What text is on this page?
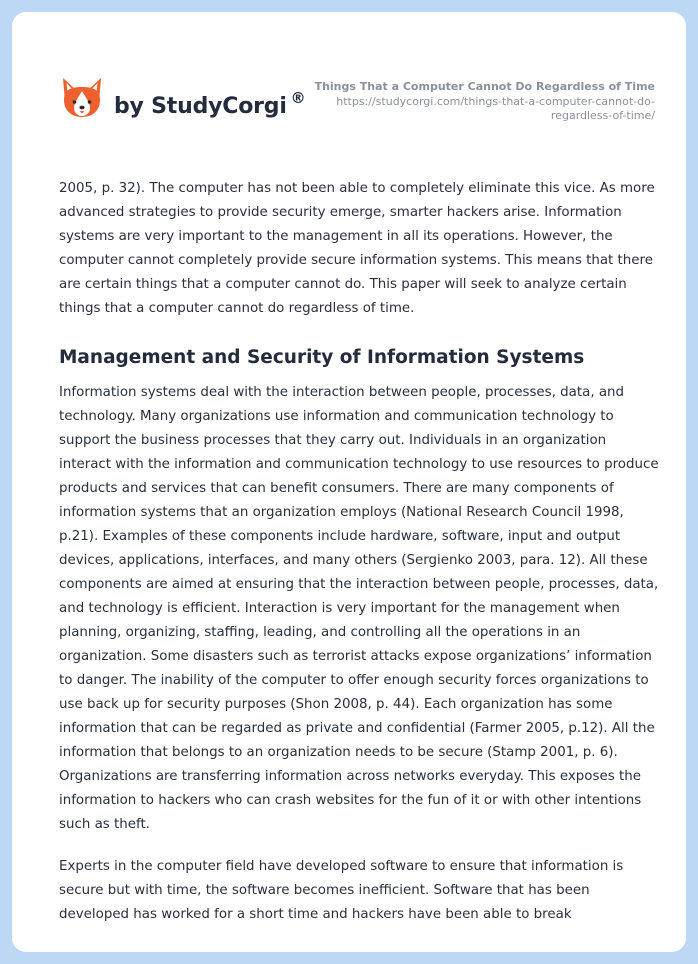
by StudyCorgi ®
Things That a Computer Cannot Do Regardless of Time
https://studycorgi.com/things-that-a-computer-cannot-do-
regardless-of-time/

2005, p. 32). The computer has not been able to completely eliminate this vice. As more advanced strategies to provide security emerge, smarter hackers arise. Information systems are very important to the management in all its operations. However, the computer cannot completely provide secure information systems. This means that there are certain things that a computer cannot do. This paper will seek to analyze certain things that a computer cannot do regardless of time.

Management and Security of Information Systems

Information systems deal with the interaction between people, processes, data, and technology. Many organizations use information and communication technology to support the business processes that they carry out. Individuals in an organization interact with the information and communication technology to use resources to produce products and services that can benefit consumers. There are many components of information systems that an organization employs (National Research Council 1998, p.21). Examples of these components include hardware, software, input and output devices, applications, interfaces, and many others (Sergienko 2003, para. 12). All these components are aimed at ensuring that the interaction between people, processes, data, and technology is efficient. Interaction is very important for the management when planning, organizing, staffing, leading, and controlling all the operations in an organization. Some disasters such as terrorist attacks expose organizations’ information to danger. The inability of the computer to offer enough security forces organizations to use back up for security purposes (Shon 2008, p. 44). Each organization has some information that can be regarded as private and confidential (Farmer 2005, p.12). All the information that belongs to an organization needs to be secure (Stamp 2001, p. 6). Organizations are transferring information across networks everyday. This exposes the information to hackers who can crash websites for the fun of it or with other intentions such as theft.

Experts in the computer field have developed software to ensure that information is secure but with time, the software becomes inefficient. Software that has been developed has worked for a short time and hackers have been able to break
